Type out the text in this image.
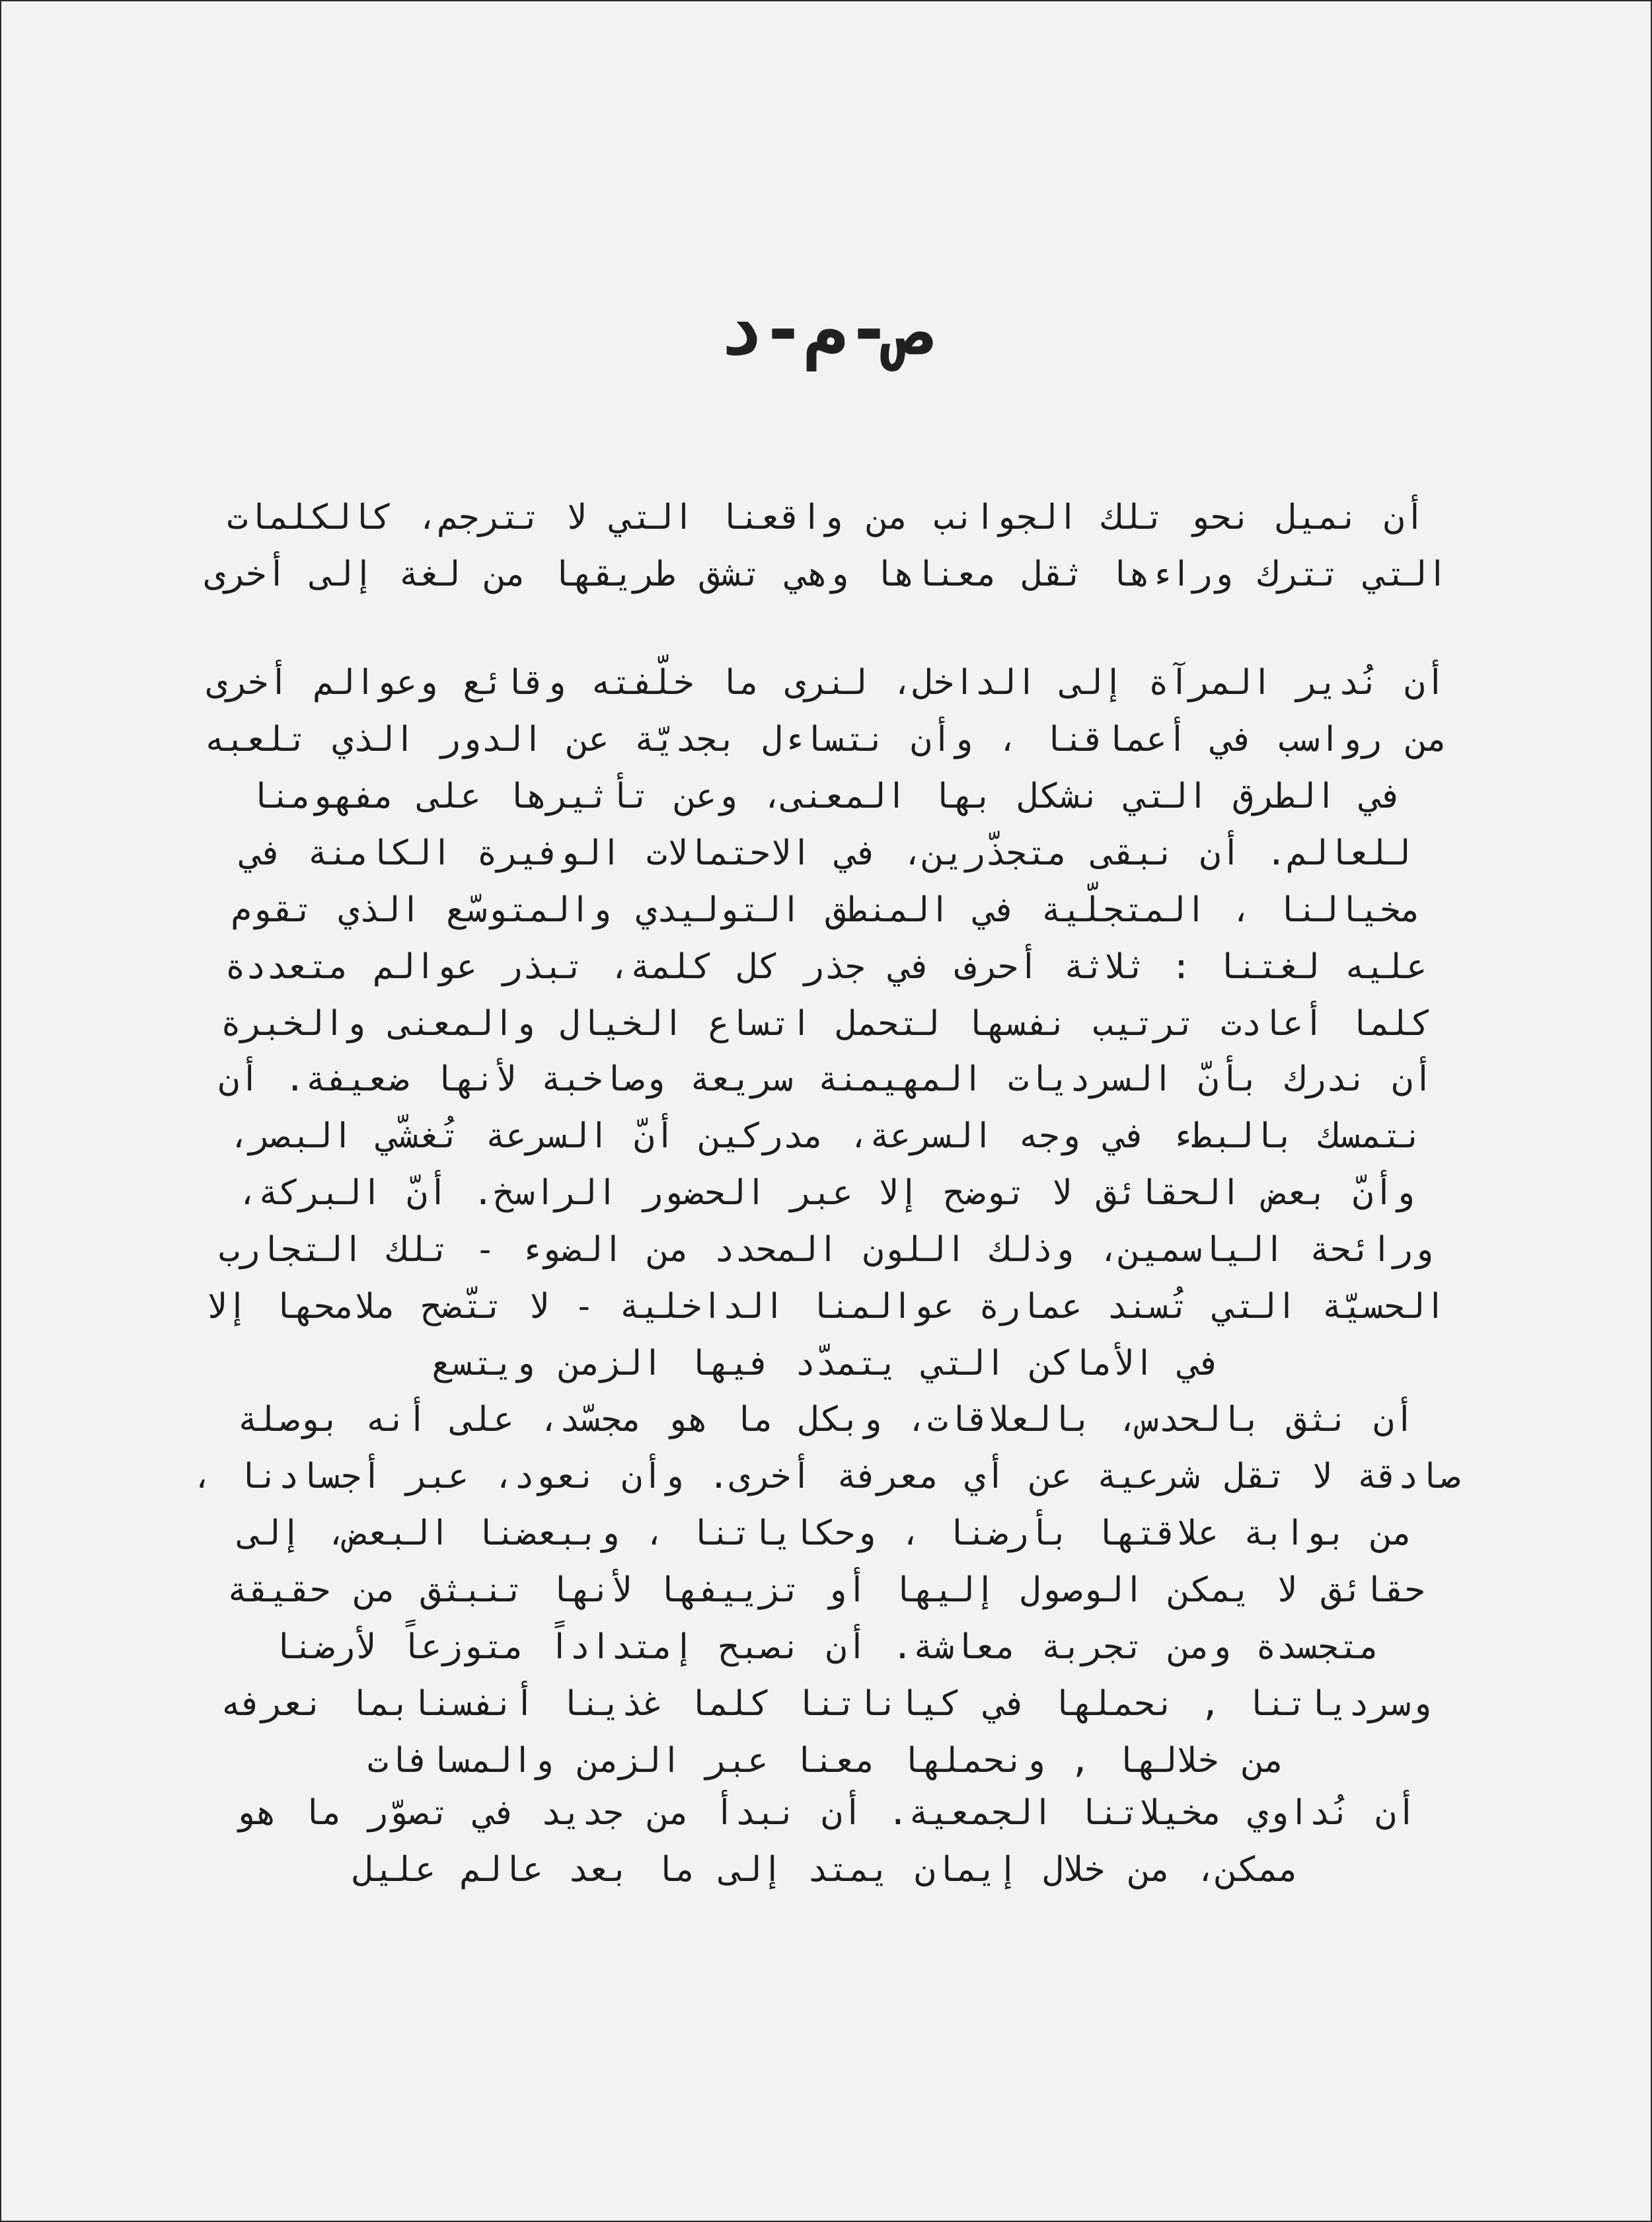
ص-م-د
أن نميل نحو تلك الجوانب من واقعنا التي لا تترجم، كالكلمات التي تترك وراءها ثقل معناها وهي تشق طريقها من لغة إلى أخرى
أن نُدير المرآة إلى الداخل، لنرى ما خلّفته وقائع وعوالم أخرى من رواسب في أعماقنا ، وأن نتساءل بجديّة عن الدور الذي تلعبه في الطرق التي نشكل بها المعنى، وعن تأثيرها على مفهومنا للعالم. أن نبقى متجذّرين، في الاحتمالات الوفيرة الكامنة في مخيالنا ، المتجلّية في المنطق التوليدي والمتوسّع الذي تقوم عليه لغتنا : ثلاثة أحرف في جذر كل كلمة، تبذر عوالم متعددة كلما أعادت ترتيب نفسها لتحمل اتساع الخيال والمعنى والخبرة
أن ندرك بأنّ السرديات المهيمنة سريعة وصاخبة لأنها ضعيفة. أن نتمسك بالبطء في وجه السرعة، مدركين أنّ السرعة تُغشّي البصر، وأنّ بعض الحقائق لا توضح إلا عبر الحضور الراسخ. أنّ البركة، ورائحة الياسمين، وذلك اللون المحدد من الضوء - تلك التجارب الحسيّة التي تُسند عمارة عوالمنا الداخلية - لا تتّضح ملامحها إلا في الأماكن التي يتمدّد فيها الزمن ويتسع
أن نثق بالحدس، بالعلاقات، وبكل ما هو مجسّد، على أنه بوصلة صادقة لا تقل شرعية عن أي معرفة أخرى. وأن نعود، عبر أجسادنا ، من بوابة علاقتها بأرضنا ، وحكاياتنا ، وببعضنا البعض، إلى حقائق لا يمكن الوصول إليها أو تزييفها لأنها تنبثق من حقيقة متجسدة ومن تجربة معاشة. أن نصبح إمتداداً متوزعاً لأرضنا وسردياتنا , نحملها في كياناتنا كلما غذينا أنفسنابما نعرفه من خلالها , ونحملها معنا عبر الزمن والمسافات
أن نُداوي مخيلاتنا الجمعية. أن نبدأ من جديد في تصوّر ما هو ممكن، من خلال إيمان يمتد إلى ما بعد عالم عليل
